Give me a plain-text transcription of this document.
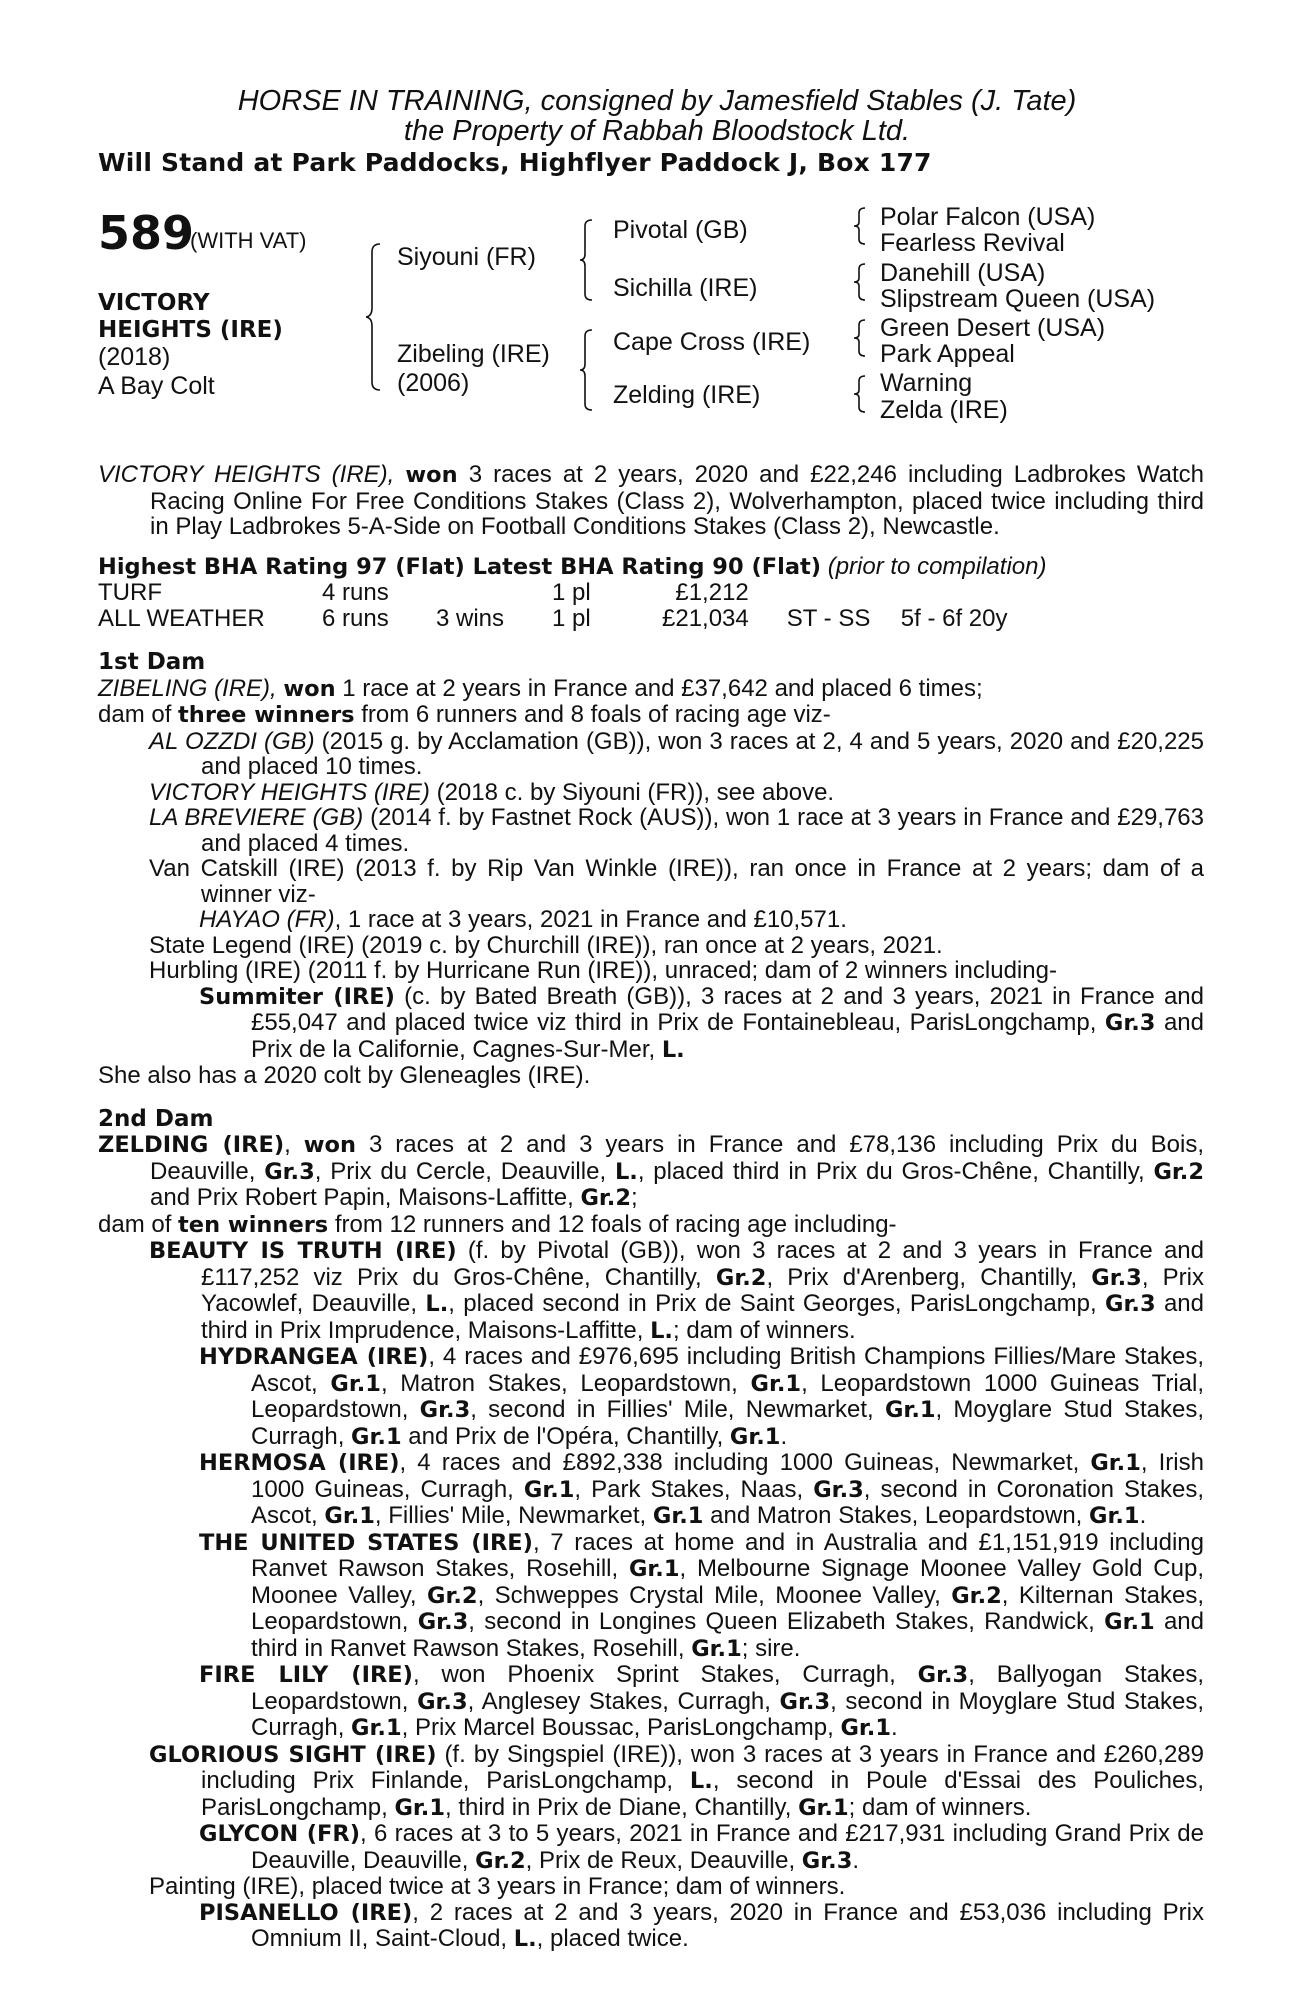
HORSE IN TRAINING, consigned by Jamesfield Stables (J. Tate)
the Property of Rabbah Bloodstock Ltd.
Will Stand at Park Paddocks, Highflyer Paddock J, Box 177
589
(WITH VAT)
VICTORY
HEIGHTS (IRE)
(2018)
A Bay Colt
Siyouni (FR)
Zibeling (IRE)
(2006)
Pivotal (GB)
Sichilla (IRE)
Cape Cross (IRE)
Zelding (IRE)
Polar Falcon (USA)
Fearless Revival
Danehill (USA)
Slipstream Queen (USA)
Green Desert (USA)
Park Appeal
Warning
Zelda (IRE)

VICTORY HEIGHTS (IRE), won 3 races at 2 years, 2020 and £22,246 including Ladbrokes Watch Racing Online For Free Conditions Stakes (Class 2), Wolverhampton, placed twice including third in Play Ladbrokes 5-A-Side on Football Conditions Stakes (Class 2), Newcastle.

Highest BHA Rating 97 (Flat) Latest BHA Rating 90 (Flat) (prior to compilation)

TURF	4 runs		1 pl	£1,212		
ALL WEATHER	6 runs	3 wins	1 pl	£21,034	ST - SS	5f - 6f 20y

1st Dam

ZIBELING (IRE), won 1 race at 2 years in France and £37,642 and placed 6 times;

dam of three winners from 6 runners and 8 foals of racing age viz-

AL OZZDI (GB) (2015 g. by Acclamation (GB)), won 3 races at 2, 4 and 5 years, 2020 and £20,225 and placed 10 times.

VICTORY HEIGHTS (IRE) (2018 c. by Siyouni (FR)), see above.

LA BREVIERE (GB) (2014 f. by Fastnet Rock (AUS)), won 1 race at 3 years in France and £29,763 and placed 4 times.

Van Catskill (IRE) (2013 f. by Rip Van Winkle (IRE)), ran once in France at 2 years; dam of a winner viz-

HAYAO (FR), 1 race at 3 years, 2021 in France and £10,571.

State Legend (IRE) (2019 c. by Churchill (IRE)), ran once at 2 years, 2021.

Hurbling (IRE) (2011 f. by Hurricane Run (IRE)), unraced; dam of 2 winners including-

Summiter (IRE) (c. by Bated Breath (GB)), 3 races at 2 and 3 years, 2021 in France and £55,047 and placed twice viz third in Prix de Fontainebleau, ParisLongchamp, Gr.3 and Prix de la Californie, Cagnes-Sur-Mer, L.

She also has a 2020 colt by Gleneagles (IRE).

2nd Dam

ZELDING (IRE), won 3 races at 2 and 3 years in France and £78,136 including Prix du Bois, Deauville, Gr.3, Prix du Cercle, Deauville, L., placed third in Prix du Gros-Chêne, Chantilly, Gr.2 and Prix Robert Papin, Maisons-Laffitte, Gr.2;

dam of ten winners from 12 runners and 12 foals of racing age including-

BEAUTY IS TRUTH (IRE) (f. by Pivotal (GB)), won 3 races at 2 and 3 years in France and £117,252 viz Prix du Gros-Chêne, Chantilly, Gr.2, Prix d'Arenberg, Chantilly, Gr.3, Prix Yacowlef, Deauville, L., placed second in Prix de Saint Georges, ParisLongchamp, Gr.3 and third in Prix Imprudence, Maisons-Laffitte, L.; dam of winners.

HYDRANGEA (IRE), 4 races and £976,695 including British Champions Fillies/Mare Stakes, Ascot, Gr.1, Matron Stakes, Leopardstown, Gr.1, Leopardstown 1000 Guineas Trial, Leopardstown, Gr.3, second in Fillies' Mile, Newmarket, Gr.1, Moyglare Stud Stakes, Curragh, Gr.1 and Prix de l'Opéra, Chantilly, Gr.1.

HERMOSA (IRE), 4 races and £892,338 including 1000 Guineas, Newmarket, Gr.1, Irish 1000 Guineas, Curragh, Gr.1, Park Stakes, Naas, Gr.3, second in Coronation Stakes, Ascot, Gr.1, Fillies' Mile, Newmarket, Gr.1 and Matron Stakes, Leopardstown, Gr.1.

THE UNITED STATES (IRE), 7 races at home and in Australia and £1,151,919 including Ranvet Rawson Stakes, Rosehill, Gr.1, Melbourne Signage Moonee Valley Gold Cup, Moonee Valley, Gr.2, Schweppes Crystal Mile, Moonee Valley, Gr.2, Kilternan Stakes, Leopardstown, Gr.3, second in Longines Queen Elizabeth Stakes, Randwick, Gr.1 and third in Ranvet Rawson Stakes, Rosehill, Gr.1; sire.

FIRE LILY (IRE), won Phoenix Sprint Stakes, Curragh, Gr.3, Ballyogan Stakes, Leopardstown, Gr.3, Anglesey Stakes, Curragh, Gr.3, second in Moyglare Stud Stakes, Curragh, Gr.1, Prix Marcel Boussac, ParisLongchamp, Gr.1.

GLORIOUS SIGHT (IRE) (f. by Singspiel (IRE)), won 3 races at 3 years in France and £260,289 including Prix Finlande, ParisLongchamp, L., second in Poule d'Essai des Pouliches, ParisLongchamp, Gr.1, third in Prix de Diane, Chantilly, Gr.1; dam of winners.

GLYCON (FR), 6 races at 3 to 5 years, 2021 in France and £217,931 including Grand Prix de Deauville, Deauville, Gr.2, Prix de Reux, Deauville, Gr.3.

Painting (IRE), placed twice at 3 years in France; dam of winners.

PISANELLO (IRE), 2 races at 2 and 3 years, 2020 in France and £53,036 including Prix Omnium II, Saint-Cloud, L., placed twice.
